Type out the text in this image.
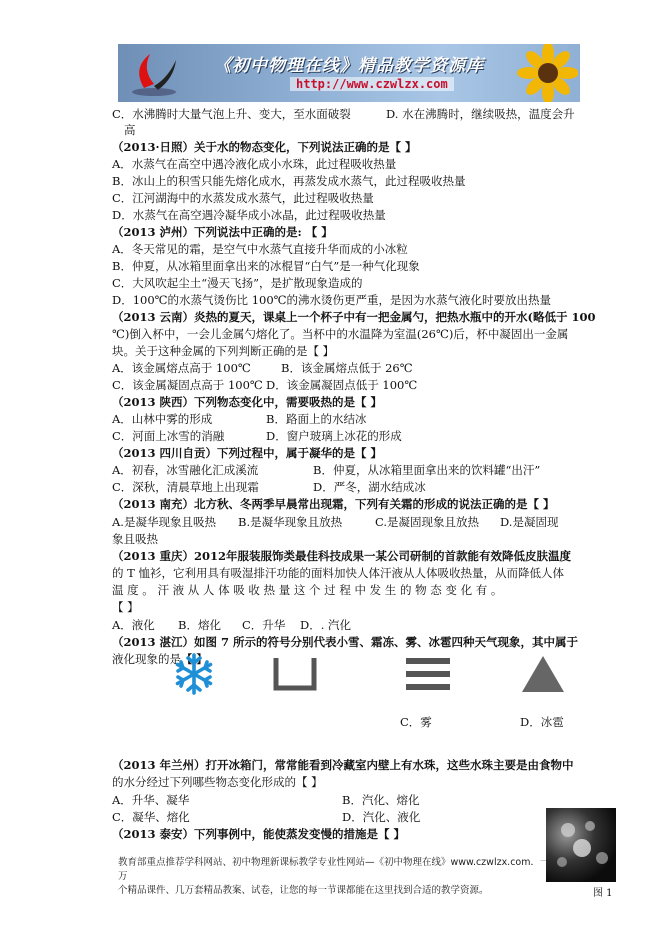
《初中物理在线》精品教学资源库
http://www.czwlzx.com
C．水沸腾时大量气泡上升、变大，至水面破裂	D. 水在沸腾时，继续吸热，温度会升
高
（2013·日照）关于水的物态变化，下列说法正确的是【 】
A．水蒸气在高空中遇冷液化成小水珠，此过程吸收热量
B．冰山上的积雪只能先熔化成水，再蒸发成水蒸气，此过程吸收热量
C．江河湖海中的水蒸发成水蒸气，此过程吸收热量
D．水蒸气在高空遇冷凝华成小冰晶，此过程吸收热量
（2013 泸州）下列说法中正确的是: 【 】
A．冬天常见的霜，是空气中水蒸气直接升华而成的小冰粒
B．仲夏，从冰箱里面拿出来的冰棍冒“白气”是一种气化现象
C．大风吹起尘土“漫天飞扬”，是扩散现象造成的
D．100℃的水蒸气烫伤比 100℃的沸水烫伤更严重，是因为水蒸气液化时要放出热量
（2013 云南）炎热的夏天，课桌上一个杯子中有一把金属勺，把热水瓶中的开水(略低于 100
℃)倒入杯中，一会儿金属勺熔化了。当杯中的水温降为室温(26℃)后，杯中凝固出一金属
块。关于这种金属的下列判断正确的是【 】
A．该金属熔点高于 100℃	B．该金属熔点低于 26℃
C．该金属凝固点高于 100℃ D．该金属凝固点低于 100℃
（2013 陕西）下列物态变化中，需要吸热的是【 】
A．山林中雾的形成	B．路面上的水结冰
C．河面上冰雪的消融	D．窗户玻璃上冰花的形成
（2013 四川自贡）下列过程中，属于凝华的是【 】
A．初春，冰雪融化汇成溪流	B．仲夏，从冰箱里面拿出来的饮料罐“出汗”
C．深秋，清晨草地上出现霜	D．严冬，湖水结成冰
（2013 南充）北方秋、冬两季早晨常出现霜，下列有关霜的形成的说法正确的是【 】
A.是凝华现象且吸热 B.是凝华现象且放热	C.是凝固现象且放热 D.是凝固现
象且吸热
（2013 重庆）2012年服装服饰类最佳科技成果一某公司研制的首款能有效降低皮肤温度
的 T 恤衫，它利用具有吸湿排汗功能的面料加快人体汗液从人体吸收热量，从而降低人体
温 度 。 汗 液 从 人 体 吸 收 热 量 这 个 过 程 中 发 生 的 物 态 变 化 有 。
【 】
A．液化 B．熔化 C．升华 D．. 汽化
（2013 湛江）如图 7 所示的符号分别代表小雪、霜冻、雾、冰雹四种天气现象，其中属于
液化现象的是【 】
C．雾	D．冰雹
（2013 年兰州）打开冰箱门，常常能看到冷藏室内壁上有水珠，这些水珠主要是由食物中
的水分经过下列哪些物态变化形成的【 】
A．升华、凝华	B．汽化、熔化
C．凝华、熔化	D．汽化、液化
（2013 泰安）下列事例中，能使蒸发变慢的措施是【 】
图 1
教育部重点推荐学科网站、初中物理新课标教学专业性网站—《初中物理在线》www.czwlzx.com．一万
个精品课件、几万套精品教案、试卷，让您的每一节课都能在这里找到合适的教学资源。
